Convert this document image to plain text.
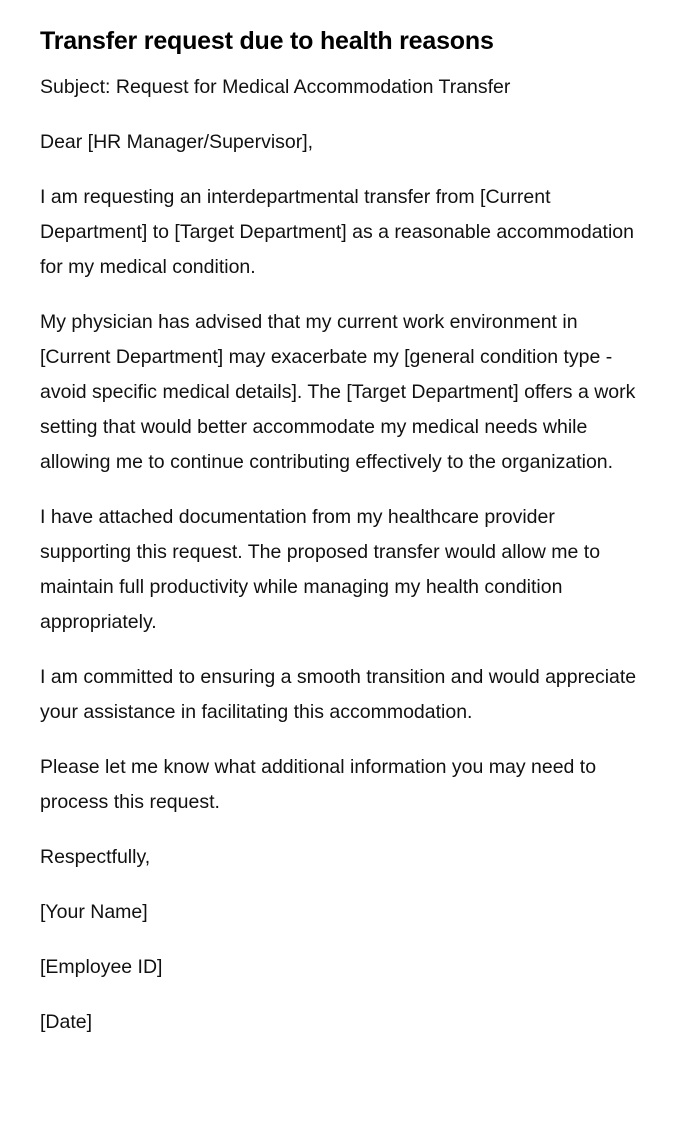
Transfer request due to health reasons

Subject: Request for Medical Accommodation Transfer

Dear [HR Manager/Supervisor],

I am requesting an interdepartmental transfer from [Current Department] to [Target Department] as a reasonable accommodation for my medical condition.

My physician has advised that my current work environment in [Current Department] may exacerbate my [general condition type - avoid specific medical details]. The [Target Department] offers a work setting that would better accommodate my medical needs while allowing me to continue contributing effectively to the organization.

I have attached documentation from my healthcare provider supporting this request. The proposed transfer would allow me to maintain full productivity while managing my health condition appropriately.

I am committed to ensuring a smooth transition and would appreciate your assistance in facilitating this accommodation.

Please let me know what additional information you may need to process this request.

Respectfully,

[Your Name]

[Employee ID]

[Date]
